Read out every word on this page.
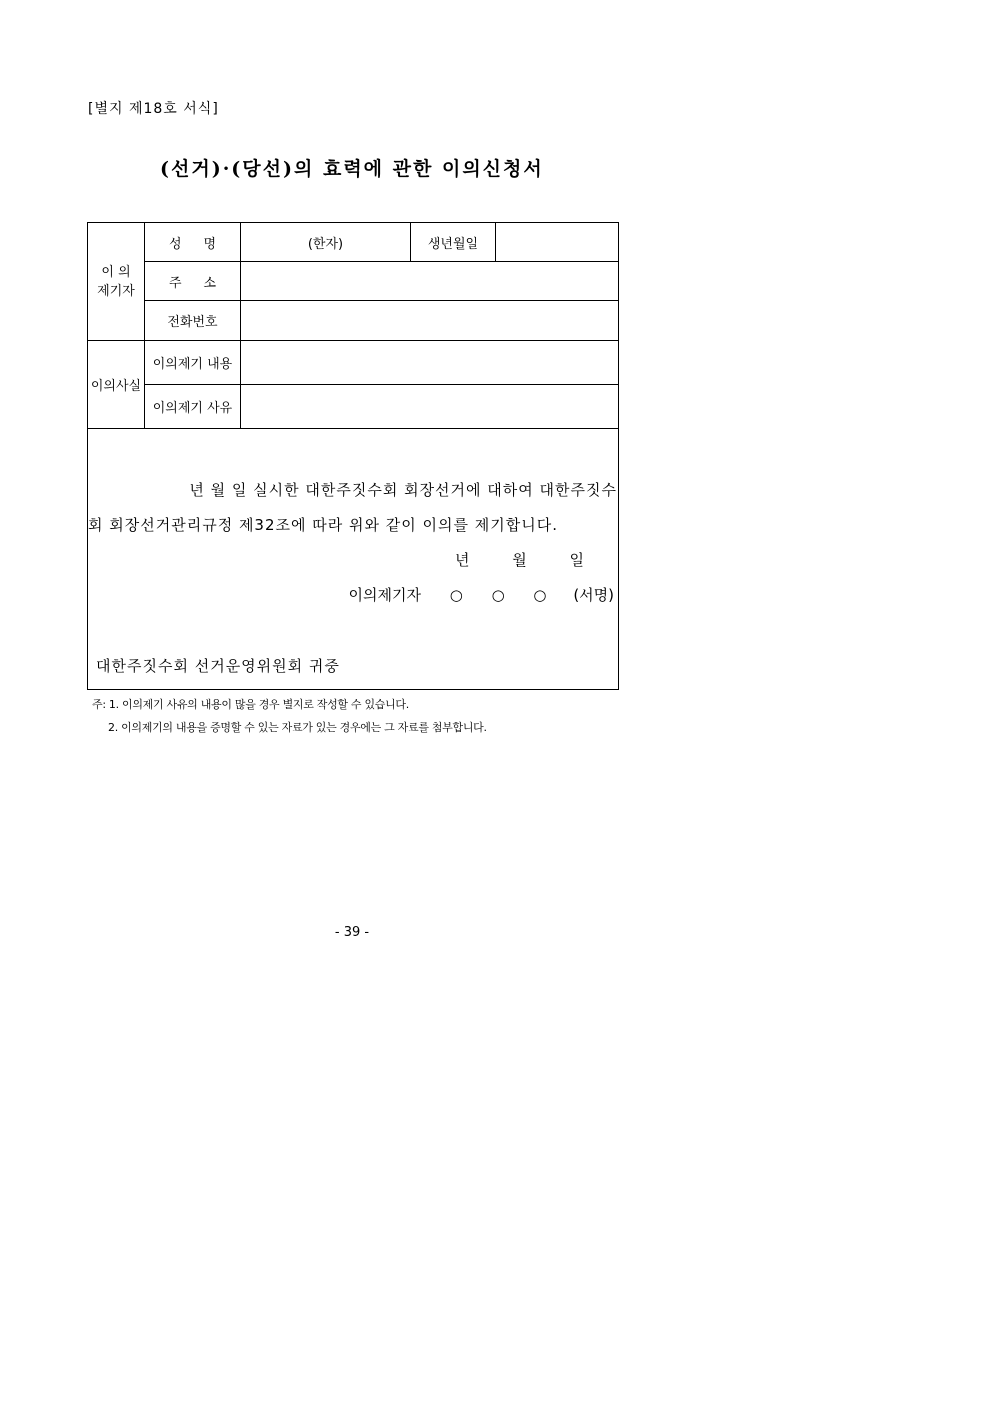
[별지 제18호 서식]
(선거)·(당선)의 효력에 관한 이의신청서
이 의
제기자	성명	(한자)	생년월일	
	주소			
	전화번호			
이의사실	이의제기 내용			
	이의제기 사유			

년 월 일 실시한 대한주짓수회 회장선거에 대하여 대한주짓수
회 회장선거관리규정 제32조에 따라 위와 같이 이의를 제기합니다.
년 월 일
이의제기자 ○ ○ ○ (서명)
대한주짓수회 선거운영위원회 귀중				
주: 1. 이의제기 사유의 내용이 많을 경우 별지로 작성할 수 있습니다.
2. 이의제기의 내용을 증명할 수 있는 자료가 있는 경우에는 그 자료를 첨부합니다.
- 39 -
